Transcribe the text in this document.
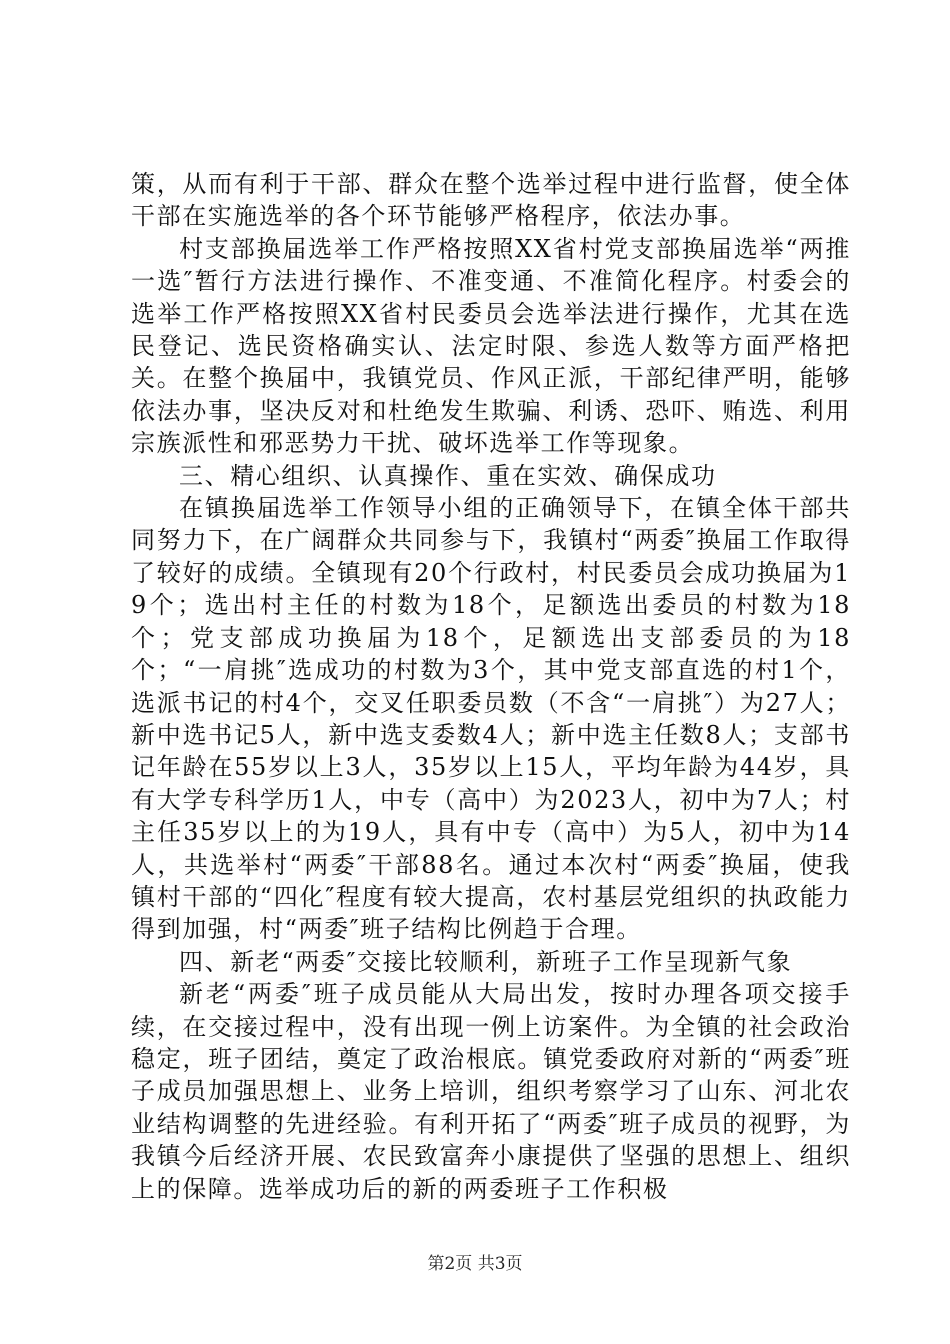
策，从而有利于干部、群众在整个选举过程中进行监督，使全体干部在实施选举的各个环节能够严格程序，依法办事。

村支部换届选举工作严格按照XX省村党支部换届选举“两推一选″暂行方法进行操作、不准变通、不准简化程序。村委会的选举工作严格按照XX省村民委员会选举法进行操作，尤其在选民登记、选民资格确实认、法定时限、参选人数等方面严格把关。在整个换届中，我镇党员、作风正派，干部纪律严明，能够依法办事，坚决反对和杜绝发生欺骗、利诱、恐吓、贿选、利用宗族派性和邪恶势力干扰、破坏选举工作等现象。

三、精心组织、认真操作、重在实效、确保成功

在镇换届选举工作领导小组的正确领导下，在镇全体干部共同努力下，在广阔群众共同参与下，我镇村“两委″换届工作取得了较好的成绩。全镇现有20个行政村，村民委员会成功换届为19个；选出村主任的村数为18个，足额选出委员的村数为18个；党支部成功换届为18个，足额选出支部委员的为18个；“一肩挑″选成功的村数为3个，其中党支部直选的村1个，选派书记的村4个，交叉任职委员数（不含“一肩挑″）为27人；新中选书记5人，新中选支委数4人；新中选主任数8人；支部书记年龄在55岁以上3人，35岁以上15人，平均年龄为44岁，具有大学专科学历1人，中专（高中）为2023人，初中为7人；村主任35岁以上的为19人，具有中专（高中）为5人，初中为14人，共选举村“两委″干部88名。通过本次村“两委″换届，使我镇村干部的“四化″程度有较大提高，农村基层党组织的执政能力得到加强，村“两委″班子结构比例趋于合理。

四、新老“两委″交接比较顺利，新班子工作呈现新气象

新老“两委″班子成员能从大局出发，按时办理各项交接手续，在交接过程中，没有出现一例上访案件。为全镇的社会政治稳定，班子团结，奠定了政治根底。镇党委政府对新的“两委″班子成员加强思想上、业务上培训，组织考察学习了山东、河北农业结构调整的先进经验。有利开拓了“两委″班子成员的视野，为我镇今后经济开展、农民致富奔小康提供了坚强的思想上、组织上的保障。选举成功后的新的两委班子工作积极

第2页 共3页
